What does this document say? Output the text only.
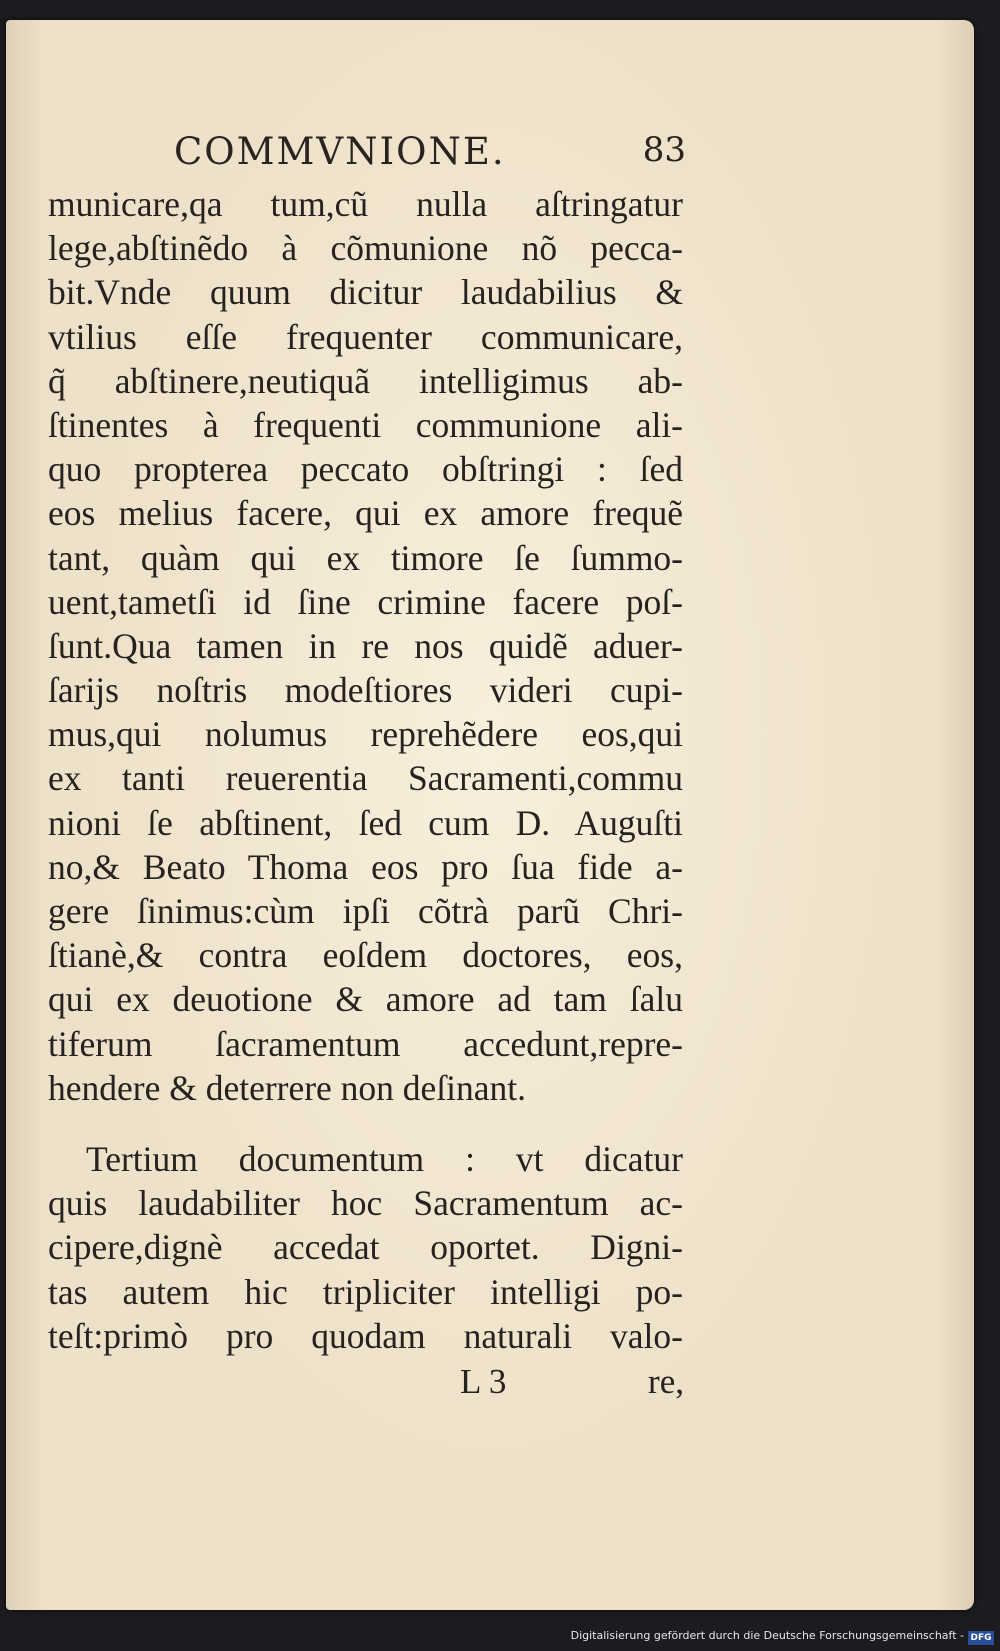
COMMVNIONE.	83
municare,qa tum,cũ nulla aſtringatur
lege,abſtinẽdo à cõmunione nõ pecca-
bit.Vnde quum dicitur laudabilius &
vtilius eſſe frequenter communicare,
q̃ abſtinere,neutiquã intelligimus ab-
ſtinentes à frequenti communione ali-
quo propterea peccato obſtringi : ſed
eos melius facere, qui ex amore frequẽ
tant, quàm qui ex timore ſe ſummo-
uent,tametſi id ſine crimine facere poſ-
ſunt.Qua tamen in re nos quidẽ aduer-
ſarijs noſtris modeſtiores videri cupi-
mus,qui nolumus reprehẽdere eos,qui
ex tanti reuerentia Sacramenti,commu
nioni ſe abſtinent, ſed cum D. Auguſti
no,& Beato Thoma eos pro ſua fide a-
gere ſinimus:cùm ipſi cõtrà parũ Chri-
ſtianè,& contra eoſdem doctores, eos,
qui ex deuotione & amore ad tam ſalu
tiferum ſacramentum accedunt,repre-
hendere & deterrere non deſinant.
Tertium documentum : vt dicatur
quis laudabiliter hoc Sacramentum ac-
cipere,dignè accedat oportet. Digni-
tas autem hic tripliciter intelligi po-
teſt:primò pro quodam naturali valo-
L 3	re,
Digitalisierung gefördert durch die Deutsche Forschungsgemeinschaft - DFG
